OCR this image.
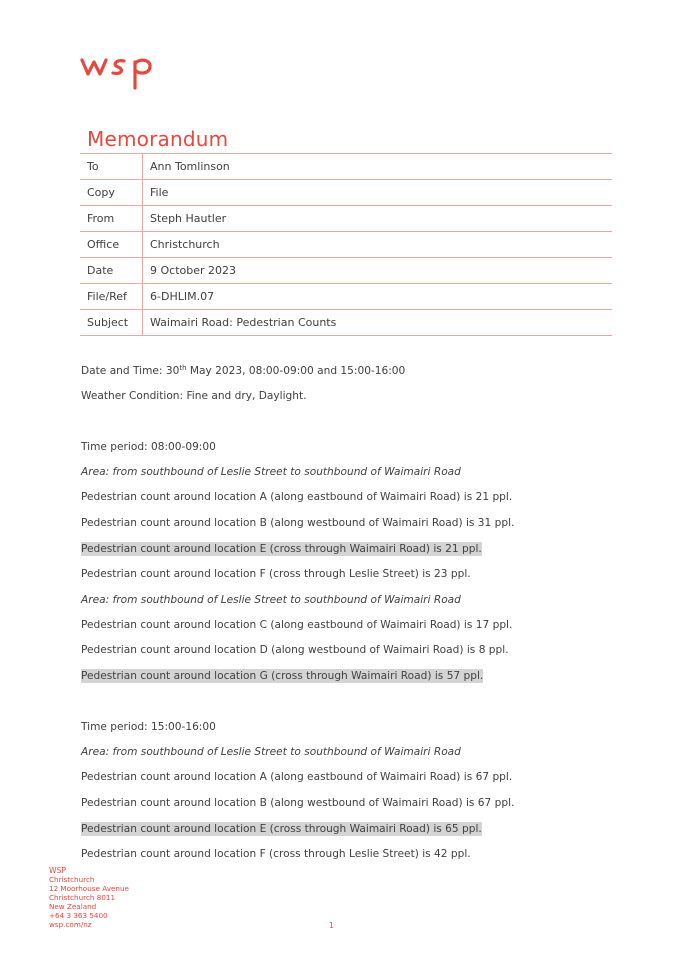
Memorandum
To	Ann Tomlinson
Copy	File
From	Steph Hautler
Office	Christchurch
Date	9 October 2023
File/Ref	6-DHLIM.07
Subject	Waimairi Road: Pedestrian Counts
Date and Time: 30th May 2023, 08:00-09:00 and 15:00-16:00
Weather Condition: Fine and dry, Daylight.
Time period: 08:00-09:00
Area: from southbound of Leslie Street to southbound of Waimairi Road
Pedestrian count around location A (along eastbound of Waimairi Road) is 21 ppl.
Pedestrian count around location B (along westbound of Waimairi Road) is 31 ppl.
Pedestrian count around location E (cross through Waimairi Road) is 21 ppl.
Pedestrian count around location F (cross through Leslie Street) is 23 ppl.
Area: from southbound of Leslie Street to southbound of Waimairi Road
Pedestrian count around location C (along eastbound of Waimairi Road) is 17 ppl.
Pedestrian count around location D (along westbound of Waimairi Road) is 8 ppl.
Pedestrian count around location G (cross through Waimairi Road) is 57 ppl.
Time period: 15:00-16:00
Area: from southbound of Leslie Street to southbound of Waimairi Road
Pedestrian count around location A (along eastbound of Waimairi Road) is 67 ppl.
Pedestrian count around location B (along westbound of Waimairi Road) is 67 ppl.
Pedestrian count around location E (cross through Waimairi Road) is 65 ppl.
Pedestrian count around location F (cross through Leslie Street) is 42 ppl.
WSP
Christchurch
12 Moorhouse Avenue
Christchurch 8011
New Zealand
+64 3 363 5400
wsp.com/nz	1
